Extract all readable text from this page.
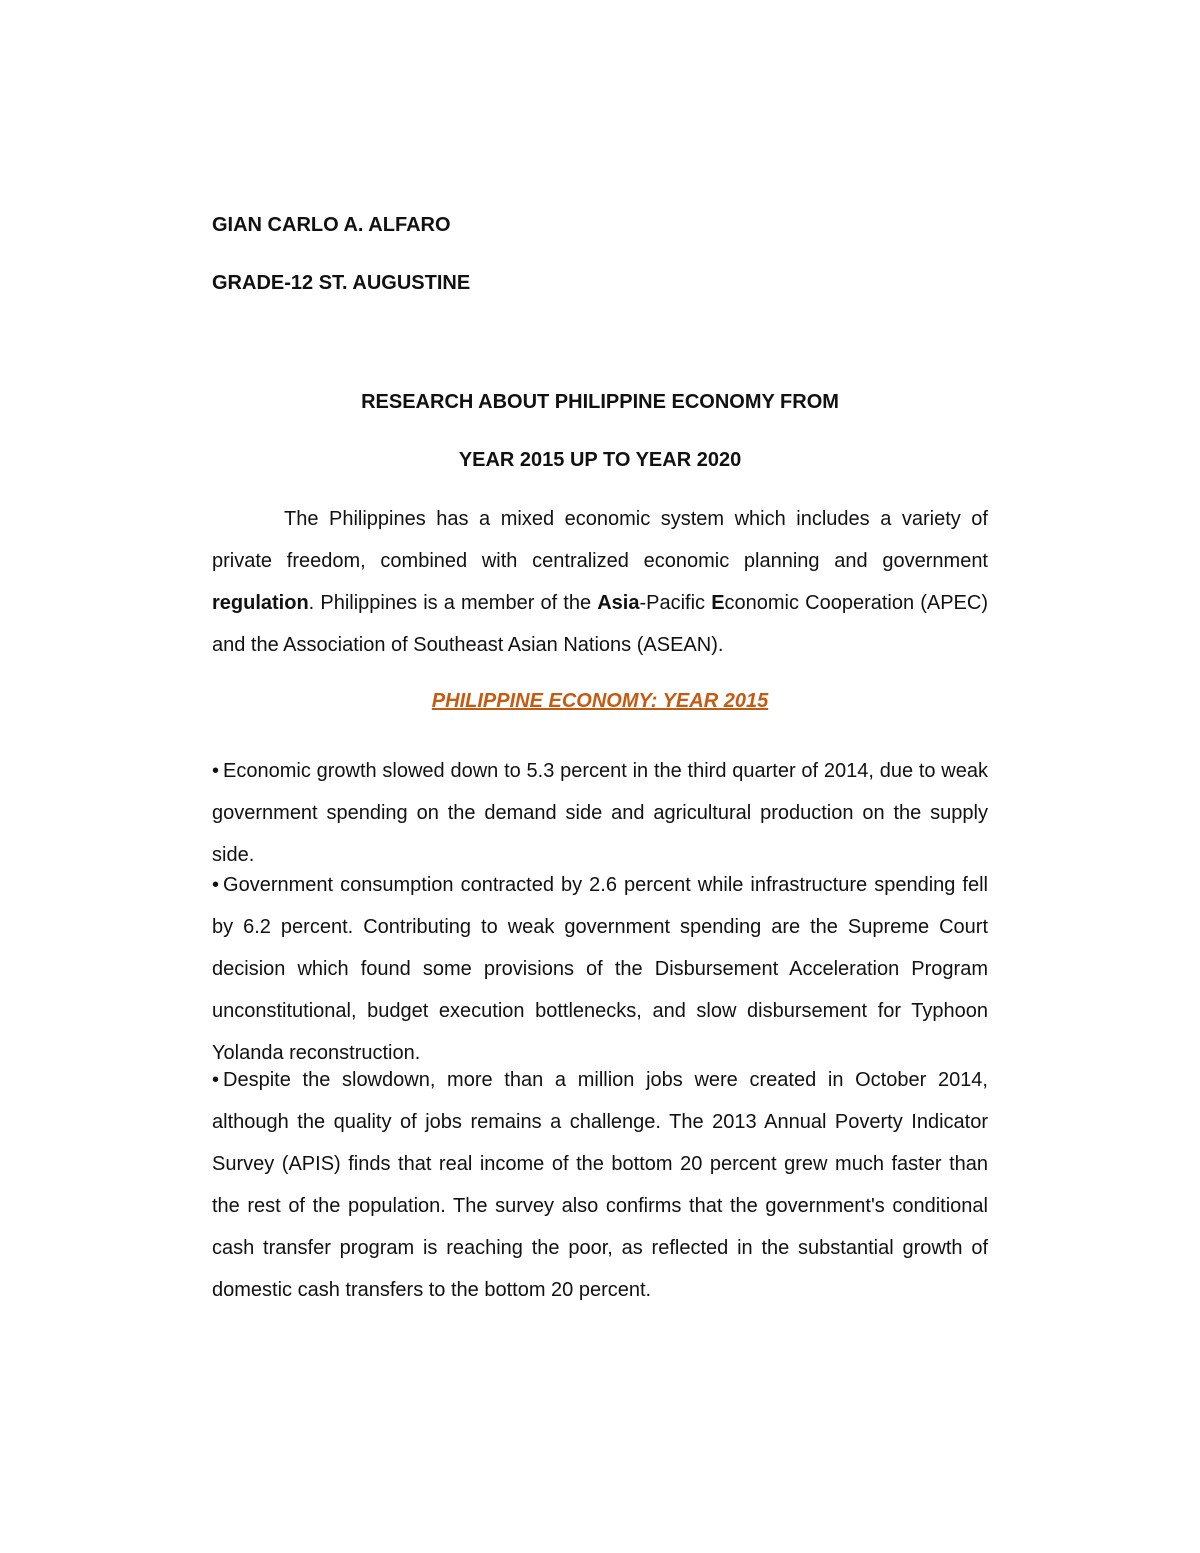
GIAN CARLO A. ALFARO
GRADE-12 ST. AUGUSTINE
RESEARCH ABOUT PHILIPPINE ECONOMY FROM
YEAR 2015 UP TO YEAR 2020
The Philippines has a mixed economic system which includes a variety of private freedom, combined with centralized economic planning and government regulation. Philippines is a member of the Asia-Pacific Economic Cooperation (APEC) and the Association of Southeast Asian Nations (ASEAN).
PHILIPPINE ECONOMY: YEAR 2015
• Economic growth slowed down to 5.3 percent in the third quarter of 2014, due to weak government spending on the demand side and agricultural production on the supply side.
• Government consumption contracted by 2.6 percent while infrastructure spending fell by 6.2 percent. Contributing to weak government spending are the Supreme Court decision which found some provisions of the Disbursement Acceleration Program unconstitutional, budget execution bottlenecks, and slow disbursement for Typhoon Yolanda reconstruction.
• Despite the slowdown, more than a million jobs were created in October 2014, although the quality of jobs remains a challenge. The 2013 Annual Poverty Indicator Survey (APIS) finds that real income of the bottom 20 percent grew much faster than the rest of the population. The survey also confirms that the government's conditional cash transfer program is reaching the poor, as reflected in the substantial growth of domestic cash transfers to the bottom 20 percent.
